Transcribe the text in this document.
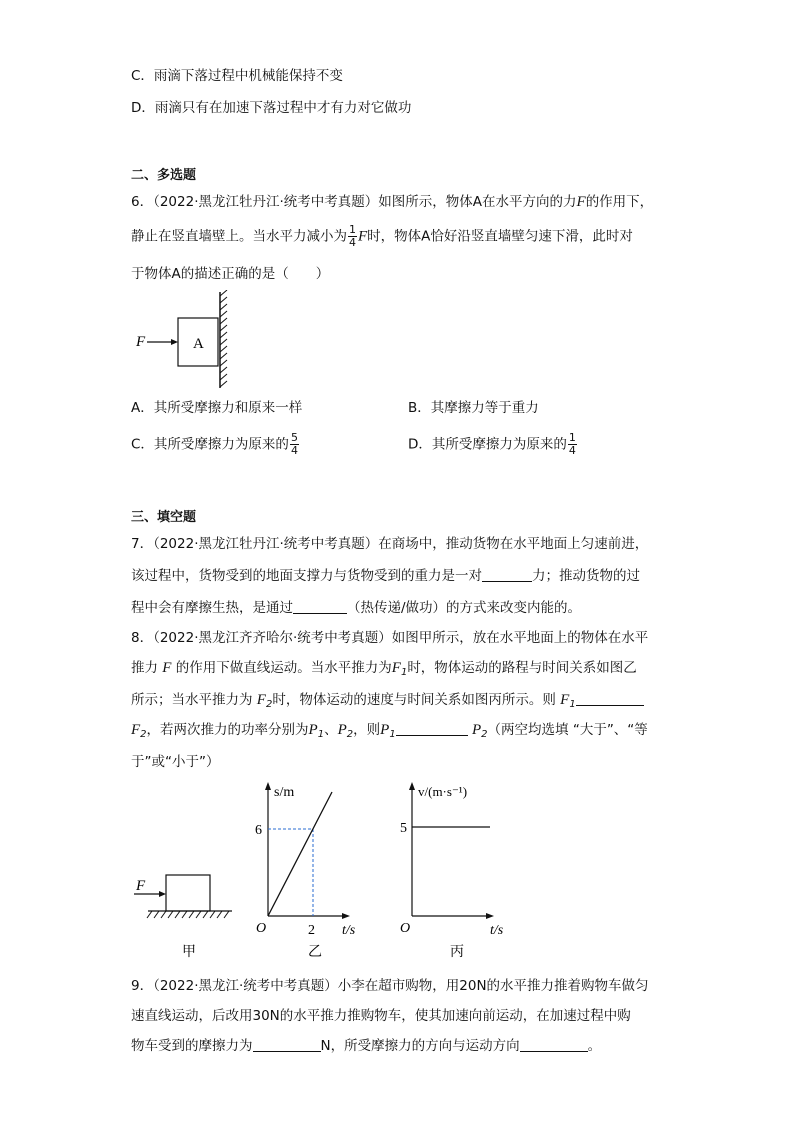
C．雨滴下落过程中机械能保持不变
D．雨滴只有在加速下落过程中才有力对它做功
二、多选题
6．（2022·黑龙江牡丹江·统考中考真题）如图所示，物体A在水平方向的力F的作用下，
静止在竖直墙壁上。当水平力减小为 $\frac{1}{4}$ F时，物体A恰好沿竖直墙壁匀速下滑，此时对
于物体A的描述正确的是（　　）
F	A
A．其所受摩擦力和原来一样	B．其摩擦力等于重力
C．其所受摩擦力为原来的 $\frac{5}{4}$	D．其所受摩擦力为原来的 $\frac{1}{4}$
三、填空题
7．（2022·黑龙江牡丹江·统考中考真题）在商场中，推动货物在水平地面上匀速前进，
该过程中，货物受到的地面支撑力与货物受到的重力是一对	力；推动货物的过
程中会有摩擦生热，是通过	（热传递/做功）的方式来改变内能的。
8．（2022·黑龙江齐齐哈尔·统考中考真题）如图甲所示，放在水平地面上的物体在水平
推力 F 的作用下做直线运动。当水平推力为$F_1$时，物体运动的路程与时间关系如图乙
所示；当水平推力为 $F_2$时，物体运动的速度与时间关系如图丙所示。则 $F_1$
$F_2$，若两次推力的功率分别为$P_1$、$P_2$，则$P_1$	$P_2$（两空均选填 “大于”、“等
于”或“小于”）
F
甲
s/m
t/s
O
6
2
乙
v/(m·s⁻¹)
t/s
O
5
丙
9．（2022·黑龙江·统考中考真题）小李在超市购物，用20N的水平推力推着购物车做匀
速直线运动，后改用30N的水平推力推购物车，使其加速向前运动，在加速过程中购
物车受到的摩擦力为	N，所受摩擦力的方向与运动方向	。
